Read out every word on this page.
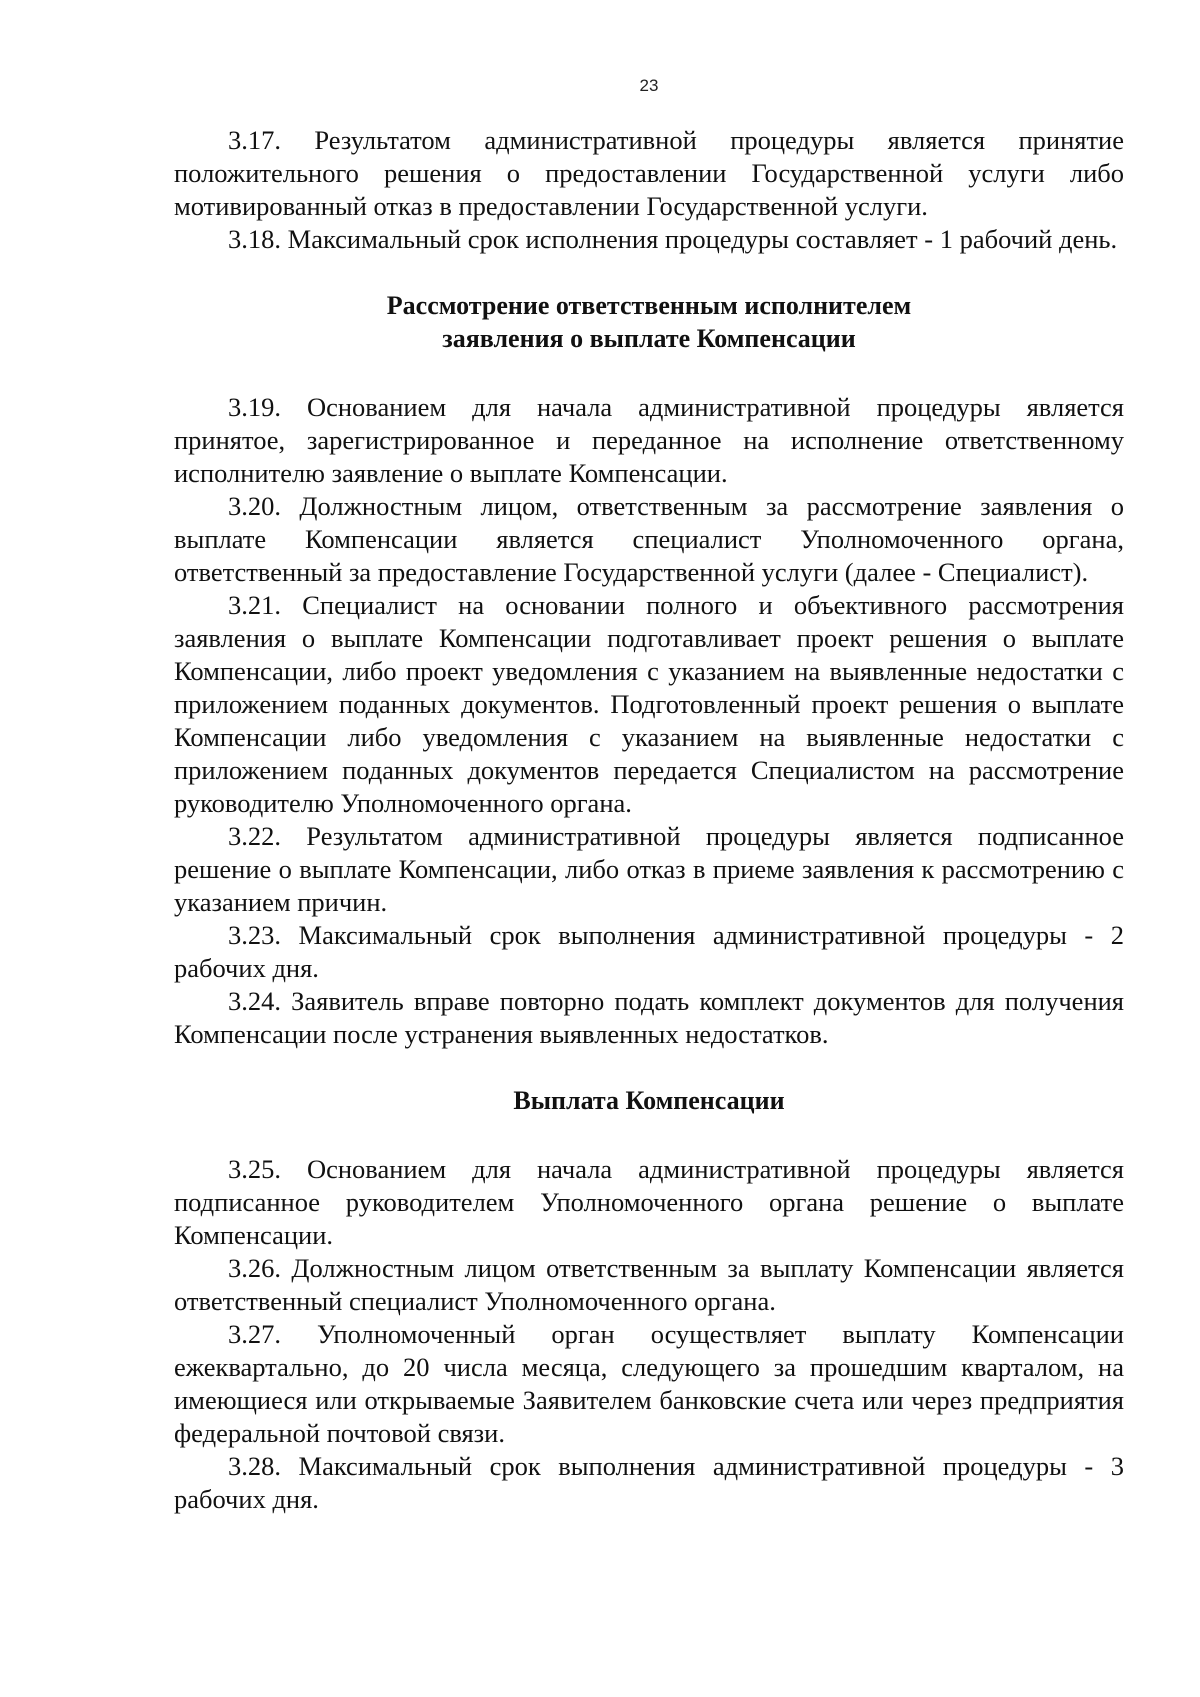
23

3.17. Результатом административной процедуры является принятие положительного решения о предоставлении Государственной услуги либо мотивированный отказ в предоставлении Государственной услуги.

3.18. Максимальный срок исполнения процедуры составляет - 1 рабочий день.

Рассмотрение ответственным исполнителем

заявления о выплате Компенсации

3.19. Основанием для начала административной процедуры является принятое, зарегистрированное и переданное на исполнение ответственному исполнителю заявление о выплате Компенсации.

3.20. Должностным лицом, ответственным за рассмотрение заявления о выплате Компенсации является специалист Уполномоченного органа, ответственный за предоставление Государственной услуги (далее - Специалист).

3.21. Специалист на основании полного и объективного рассмотрения заявления о выплате Компенсации подготавливает проект решения о выплате Компенсации, либо проект уведомления с указанием на выявленные недостатки с приложением поданных документов. Подготовленный проект решения о выплате Компенсации либо уведомления с указанием на выявленные недостатки с приложением поданных документов передается Специалистом на рассмотрение руководителю Уполномоченного органа.

3.22. Результатом административной процедуры является подписанное решение о выплате Компенсации, либо отказ в приеме заявления к рассмотрению с указанием причин.

3.23. Максимальный срок выполнения административной процедуры - 2 рабочих дня.

3.24. Заявитель вправе повторно подать комплект документов для получения Компенсации после устранения выявленных недостатков.

Выплата Компенсации

3.25. Основанием для начала административной процедуры является подписанное руководителем Уполномоченного органа решение о выплате Компенсации.

3.26. Должностным лицом ответственным за выплату Компенсации является ответственный специалист Уполномоченного органа.

3.27. Уполномоченный орган осуществляет выплату Компенсации ежеквартально, до 20 числа месяца, следующего за прошедшим кварталом, на имеющиеся или открываемые Заявителем банковские счета или через предприятия федеральной почтовой связи.

3.28. Максимальный срок выполнения административной процедуры - 3 рабочих дня.
